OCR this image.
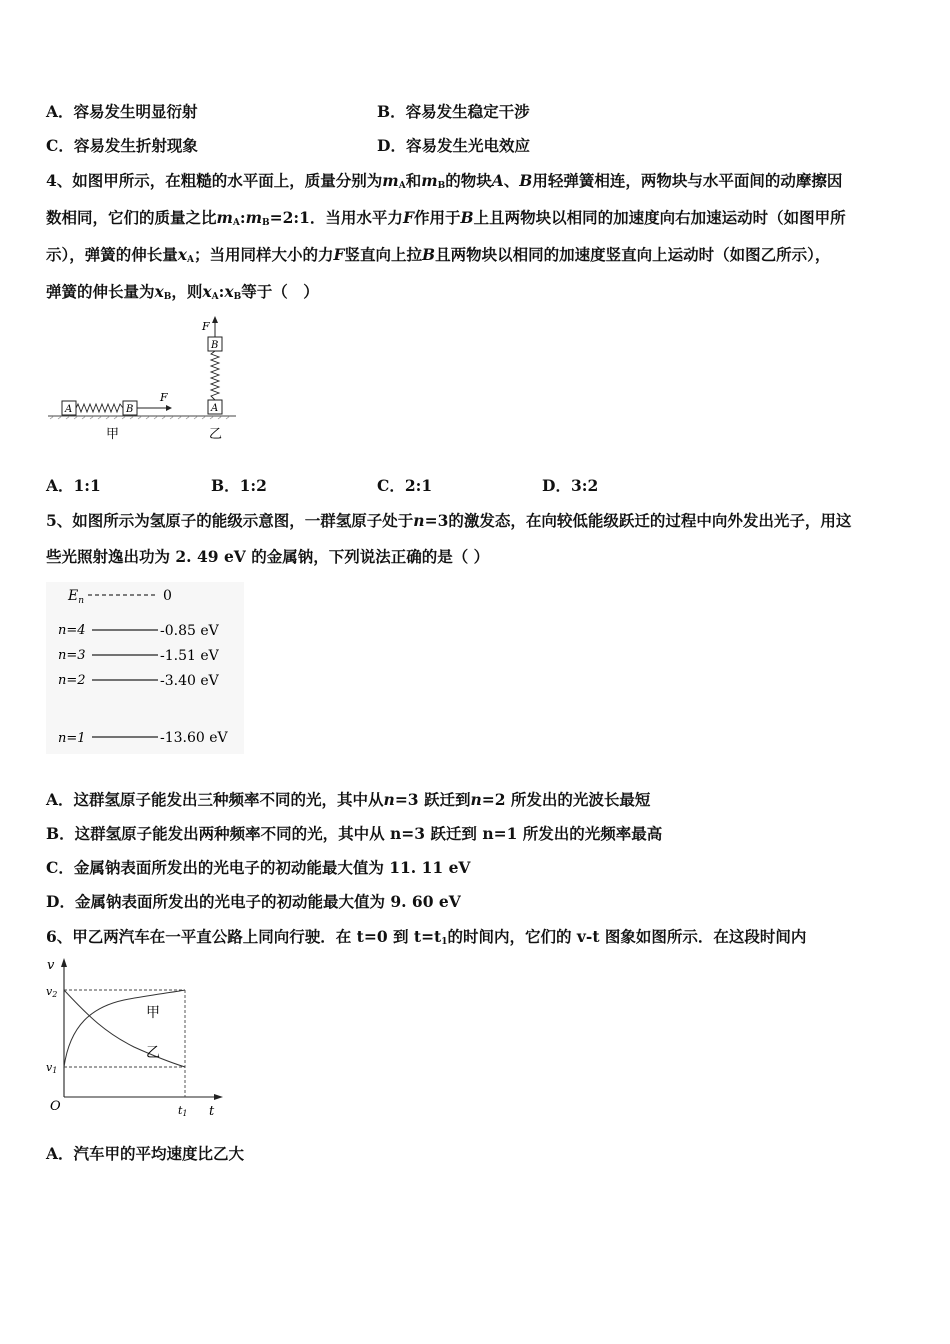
A．容易发生明显衍射	B．容易发生稳定干涉
C．容易发生折射现象	D．容易发生光电效应
4、如图甲所示，在粗糙的水平面上，质量分别为$m_A$和$m_B$的物块A、B用轻弹簧相连，两物块与水平面间的动摩擦因
数相同，它们的质量之比$m_A:m_B=2:1$．当用水平力F作用于B上且两物块以相同的加速度向右加速运动时（如图甲所
示），弹簧的伸长量$x_A$；当用同样大小的力F竖直向上拉B且两物块以相同的加速度竖直向上运动时（如图乙所示），
弹簧的伸长量为$x_B$，则$x_A:x_B$等于（　）
A	B
F
甲
F
B
A
乙
A．1:1	B．1:2	C．2:1	D．3:2
5、如图所示为氢原子的能级示意图，一群氢原子处于n=3的激发态，在向较低能级跃迁的过程中向外发出光子，用这
些光照射逸出功为 2. 49 eV 的金属钠，下列说法正确的是（ ）
$E_n$	0
n=4	-0.85 eV
n=3	-1.51 eV
n=2	-3.40 eV
n=1	-13.60 eV
A．这群氢原子能发出三种频率不同的光，其中从n=3 跃迁到n=2 所发出的光波长最短
B．这群氢原子能发出两种频率不同的光，其中从 n=3 跃迁到 n=1 所发出的光频率最高
C．金属钠表面所发出的光电子的初动能最大值为 11. 11 eV
D．金属钠表面所发出的光电子的初动能最大值为 9. 60 eV
6、甲乙两汽车在一平直公路上同向行驶．在 t=0 到 $t=t_1$的时间内，它们的 v-t 图象如图所示．在这段时间内
v
t
O
v2
v1
t1
甲
乙
A．汽车甲的平均速度比乙大
